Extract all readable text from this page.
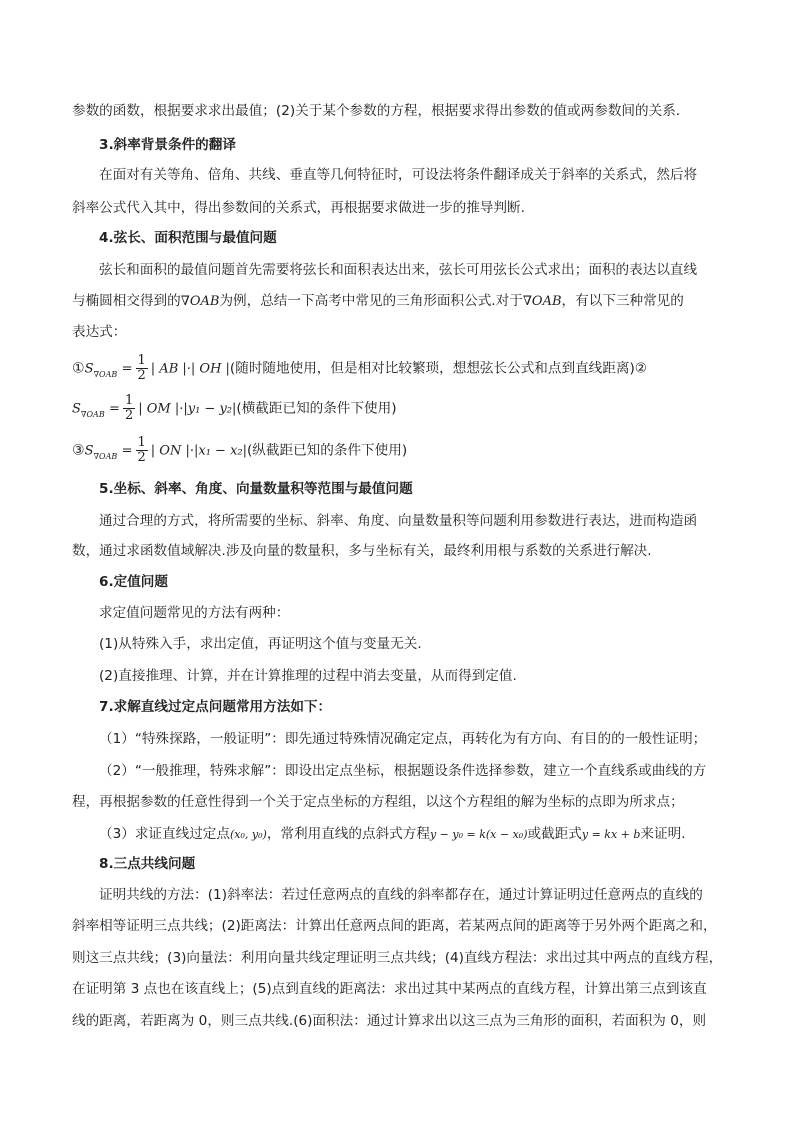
参数的函数，根据要求求出最值；(2)关于某个参数的方程，根据要求得出参数的值或两参数间的关系.
3.斜率背景条件的翻译
在面对有关等角、倍角、共线、垂直等几何特征时，可设法将条件翻译成关于斜率的关系式，然后将
斜率公式代入其中，得出参数间的关系式，再根据要求做进一步的推导判断.
4.弦长、面积范围与最值问题
弦长和面积的最值问题首先需要将弦长和面积表达出来，弦长可用弦长公式求出；面积的表达以直线
与椭圆相交得到的∇OAB为例，总结一下高考中常见的三角形面积公式.对于∇OAB，有以下三种常见的
表达式：
$①S_{\nabla OAB} = \frac{1}{2}$ | AB |·| OH |(随时随地使用，但是相对比较繁琐，想想弦长公式和点到直线距离)②
$S_{\nabla OAB} = \frac{1}{2}$ | OM |·|y₁ − y₂|(横截距已知的条件下使用)
$③S_{\nabla OAB} = \frac{1}{2}$ | ON |·|x₁ − x₂|(纵截距已知的条件下使用)
5.坐标、斜率、角度、向量数量积等范围与最值问题
通过合理的方式，将所需要的坐标、斜率、角度、向量数量积等问题利用参数进行表达，进而构造函
数，通过求函数值域解决.涉及向量的数量积，多与坐标有关，最终利用根与系数的关系进行解决.
6.定值问题
求定值问题常见的方法有两种：
(1)从特殊入手，求出定值，再证明这个值与变量无关.
(2)直接推理、计算，并在计算推理的过程中消去变量，从而得到定值.
7.求解直线过定点问题常用方法如下：
（1）“特殊探路，一般证明”：即先通过特殊情况确定定点，再转化为有方向、有目的的一般性证明；
（2）“一般推理，特殊求解”：即设出定点坐标，根据题设条件选择参数，建立一个直线系或曲线的方
程，再根据参数的任意性得到一个关于定点坐标的方程组，以这个方程组的解为坐标的点即为所求点；
（3）求证直线过定点(x₀, y₀)，常利用直线的点斜式方程y − y₀ = k(x − x₀)或截距式y = kx + b来证明.
8.三点共线问题
证明共线的方法：(1)斜率法：若过任意两点的直线的斜率都存在，通过计算证明过任意两点的直线的
斜率相等证明三点共线；(2)距离法：计算出任意两点间的距离，若某两点间的距离等于另外两个距离之和，
则这三点共线；(3)向量法：利用向量共线定理证明三点共线；(4)直线方程法：求出过其中两点的直线方程，
在证明第 3 点也在该直线上；(5)点到直线的距离法：求出过其中某两点的直线方程，计算出第三点到该直
线的距离，若距离为 0，则三点共线.(6)面积法：通过计算求出以这三点为三角形的面积，若面积为 0，则
